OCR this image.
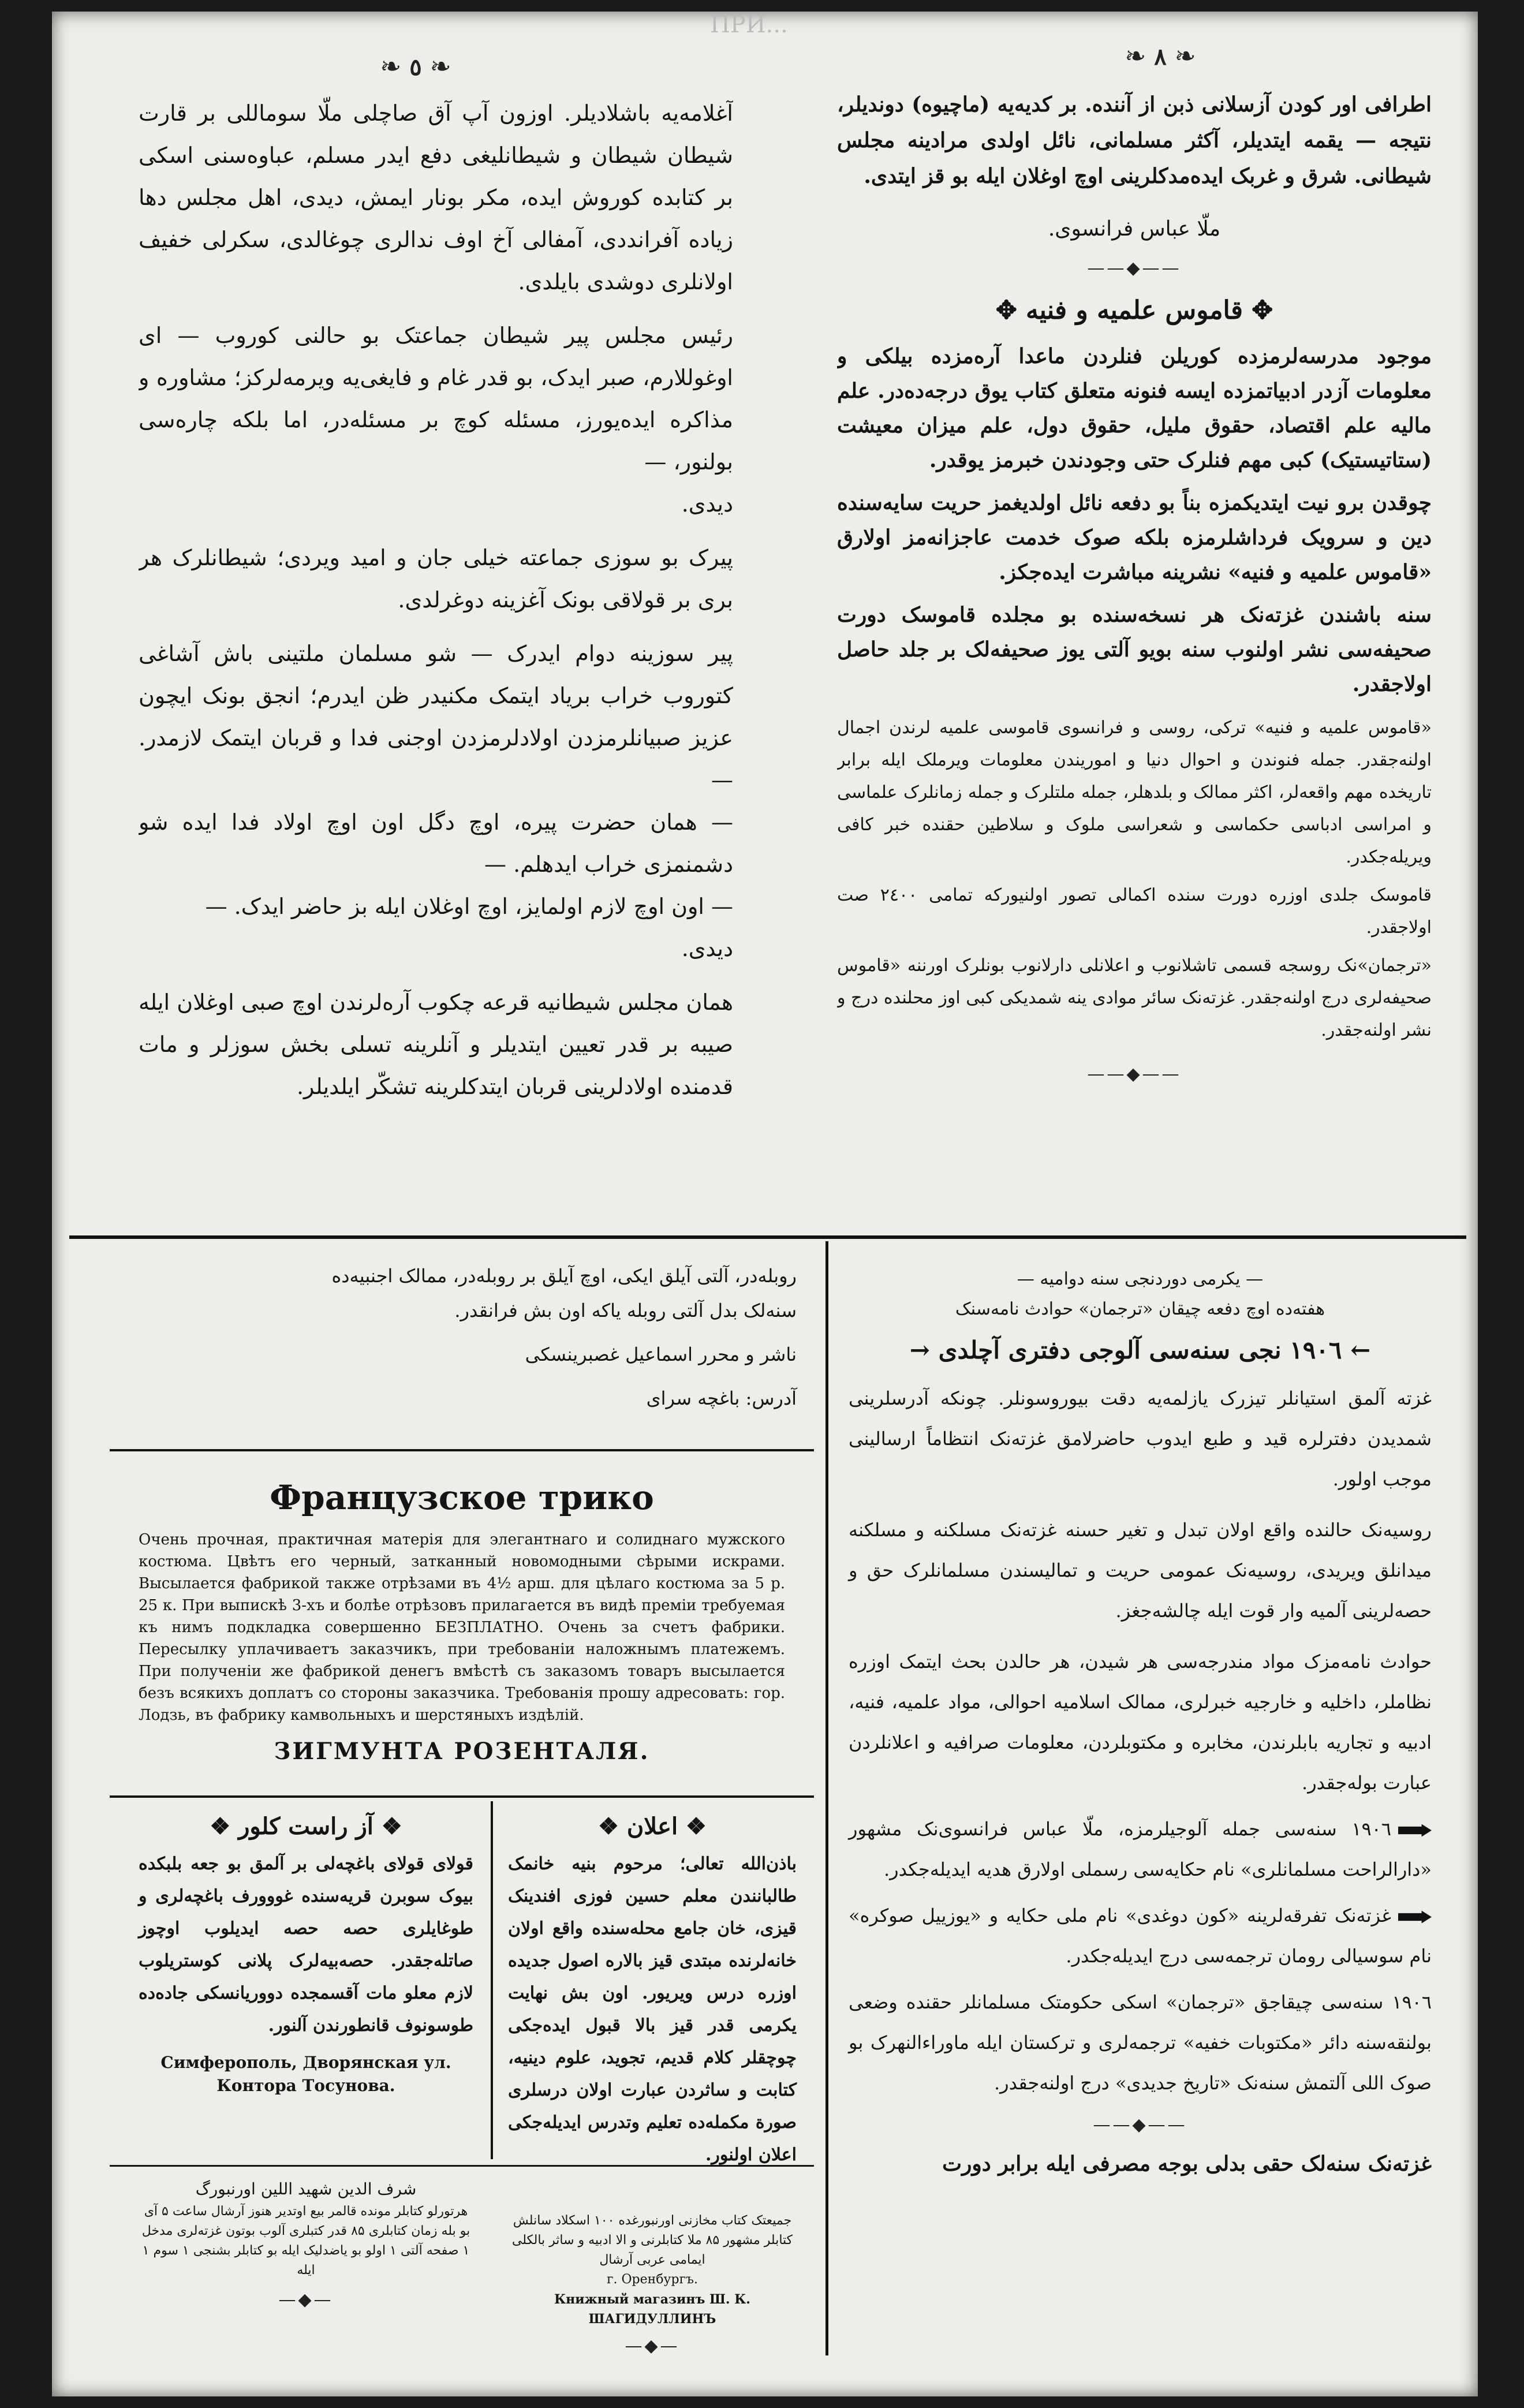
ПРИ...
❧ ٥ ❧	❧ ٨ ❧

آغلامه‌یه باشلادیلر. اوزون آپ آق صاچلی ملّا سوماللی بر قارت شیطان شیطان و شیطانلیغی دفع ایدر مسلم، عباوه‌سنی اسکی بر کتابده کوروش ایده، مکر بونار ایمش، دیدی، اهل مجلس دها زیاده آفرانددی، آمفالی آخ اوف ندالری چوغالدی، سکرلی خفیف اولانلری دوشدی بایلدی.

رئیس مجلس پیر شیطان جماعتک بو حالنی کوروب — ای اوغوللارم، صبر ایدک، بو قدر غام و فایغی‌یه ویرمه‌لرکز؛ مشاوره و مذاکره ایده‌یورز، مسئله کوچ بر مسئله‌در، اما بلکه چاره‌سی بولنور، —

دیدی.

پیرک بو سوزی جماعته خیلی جان و امید ویردی؛ شیطانلرک هر بری بر قولاقی بونک آغزینه دوغرلدی.

پیر سوزینه دوام ایدرک — شو مسلمان ملتینی باش آشاغی کتوروب خراب بریاد ایتمک مکنیدر ظن ایدرم؛ انجق بونک ایچون عزیز صبیانلرمزدن اولادلرمزدن اوجنی فدا و قربان ایتمک لازمدر. —

— همان حضرت پیره، اوچ دگل اون اوچ اولاد فدا ایده شو دشمنمزی خراب ایدهلم. —

— اون اوچ لازم اولمایز، اوچ اوغلان ایله بز حاضر ایدک. —

دیدی.

همان مجلس شیطانیه قرعه چکوب آره‌لرندن اوچ صبی اوغلان ایله صیبه بر قدر تعیین ایتدیلر و آنلرینه تسلی بخش سوزلر و مات قدمنده اولادلرینی قربان ایتدکلرینه تشکّر ایلدیلر.

اطرافی اور کودن آزسلانی ذبن از آننده. بر کدیه‌یه (ماچیوه) دوندیلر، نتیجه — یقمه ایتدیلر، آکثر مسلمانی، نائل اولدی مرادینه مجلس شیطانی. شرق و غربک ایده‌مدکلرینی اوچ اوغلان ایله بو قز ایتدی.

ملّا عباس فرانسوی.

——◆——
✥ قاموس علمیه و فنیه ✥

موجود مدرسه‌لرمزده کوریلن فنلردن ماعدا آره‌مزده بیلکی و معلومات آزدر ادبیاتمزده ایسه فنونه متعلق کتاب یوق درجه‌ده‌در. علم مالیه علم اقتصاد، حقوق ملیل، حقوق دول، علم میزان معیشت (ستاتیستیک) کبی مهم فنلرک حتی وجودندن خبرمز یوقدر.

چوقدن برو نیت ایتدیکمزه بناً بو دفعه نائل اولدیغمز حریت سایه‌سنده دین و سرویک فرداشلرمزه بلکه صوک خدمت عاجزانه‌مز اولارق «قاموس علمیه و فنیه» نشرینه مباشرت ایده‌جکز.

سنه باشندن غزته‌نک هر نسخه‌سنده بو مجلده قاموسک دورت صحیفه‌سی نشر اولنوب سنه بویو آلتی یوز صحیفه‌لک بر جلد حاصل اولاجقدر.

«قاموس علمیه و فنیه» ترکی، روسی و فرانسوی قاموسی علمیه لرندن اجمال اولنه‌جقدر. جمله فنوندن و احوال دنیا و اموریندن معلومات ویرملک ایله برابر تاریخده مهم واقعه‌لر، اکثر ممالک و بلدهلر، جمله ملتلرک و جمله زمانلرک علماسی و امراسی ادباسی حکماسی و شعراسی ملوک و سلاطین حقنده خبر کافی ویریله‌جکدر.

قاموسک جلدی اوزره دورت سنده اکمالی تصور اولنیورکه تمامی ۲٤۰۰ صت اولاجقدر.

«ترجمان»‌نک روسجه قسمی تاشلانوب و اعلانلی دارلانوب بونلرک اورننه «قاموس صحیفه‌لری درج اولنه‌جقدر. غزته‌نک سائر موادی ینه شمدیکی کبی اوز محلنده درج و نشر اولنه‌جقدر.

——◆——

روبله‌در، آلتی آیلق ایکی، اوچ آیلق بر روبله‌در، ممالک اجنبیه‌ده

سنه‌لک بدل آلتی روبله یاکه اون بش فرانقدر.

ناشر و محرر اسماعیل غصبرینسکی

آدرس: باغچه سرای

Французское трико

Очень прочная, практичная матерія для элегантнаго и солиднаго мужского костюма. Цвѣтъ его черный, затканный новомодными сѣрыми искрами. Высылается фабрикой также отрѣзами въ 4½ арш. для цѣлаго костюма за 5 р. 25 к. При выпискѣ 3-хъ и болѣе отрѣзовъ прилагается въ видѣ преміи требуемая къ нимъ подкладка совершенно БЕЗПЛАТНО. Очень за счетъ фабрики. Пересылку уплачиваетъ заказчикъ, при требованіи наложнымъ платежемъ. При полученіи же фабрикой денегъ вмѣстѣ съ заказомъ товаръ высылается безъ всякихъ доплатъ со стороны заказчика. Требованія прошу адресовать: гор. Лодзь, въ фабрику камвольныхъ и шерстяныхъ издѣлій.

ЗИГМУНТА РОЗЕНТАЛЯ.
❖ آز راست کلور ❖

قولای قولای باغچه‌لی بر آلمق بو جعه بلبکده بیوک سوبرن قریه‌سنده غووورف باغچه‌لری و طوغایلری حصه حصه ایدیلوب اوچوز صاتله‌جقدر. حصه‌بیه‌لرک پلانی کوستریلوب لازم معلو مات آقسمجده دووریانسکی جاده‌ده طوسونوف قانطورندن آلنور.

Симферополь, Дворянская ул. Контора Тосунова.

❖ اعلان ❖

باذن‌الله تعالی؛ مرحوم بنیه خانمک طالبانندن معلم حسین فوزی افندینک قیزی، خان جامع محله‌سنده واقع اولان خانه‌لرنده مبتدی قیز بالاره اصول جدیده اوزره درس ویریور. اون بش نهایت یکرمی قدر قیز بالا قبول ایده‌جکی چوچقلر کلام قدیم، تجوید، علوم دینیه، کتابت و ساثردن عبارت اولان درسلری صورة مکمله‌ده تعلیم وتدرس ایدیله‌جکی اعلان اولنور.

شرف الدین شهید اللین اورنبورگ

هرتورلو کتابلر مونده قالمر بیع اوتدیر هنوز آرشال ساعت ۵ آی بو بله زمان کتابلری ۸۵ قدر کتبلری آلوب بوتون غزته‌لری مدخل ۱ صفحه آلتی ۱ اولو بو یاضدلیک ایله بو کتابلر بشنجی ۱ سوم ۱ ایله

—◆—

جمیعتک کتاب مخازنی اورنبورغده ۱۰۰ اسکلاد سانلش کتابلر مشهور ۸۵ ملا کتابلرنی و الا ادبیه و ساثر بالکلی ایمامی عربی آرشال

г. Оренбургъ.

Книжный магазинъ Ш. К. ШАГИДУЛЛИНЪ

—◆—

— یکرمی دوردنجی سنه دوامیه —

هفته‌ده اوچ دفعه چیقان «ترجمان» حوادث نامه‌سنک

← ۱۹۰٦ نجی سنه‌سی آلوجی دفتری آچلدی →

غزته آلمق استیانلر تیزرک یازلمه‌یه دقت بیوروسونلر. چونکه آدرسلرینی شمدیدن دفترلره قید و طبع ایدوب حاضرلامق غزته‌نک انتظاماً ارسالینی موجب اولور.

روسیه‌نک حالنده واقع اولان تبدل و تغیر حسنه غزته‌نک مسلکنه و مسلکنه میدانلق ویریدی، روسیه‌نک عمومی حریت و تمالیسندن مسلمانلرک حق و حصه‌لرینی آلمیه وار قوت ایله چالشه‌جغز.

حوادث نامه‌مزک مواد مندرجه‌سی هر شیدن، هر حالدن بحث ایتمک اوزره نظاملر، داخلیه و خارجیه خبرلری، ممالک اسلامیه احوالی، مواد علمیه، فنیه، ادبیه و تجاریه بابلرندن، مخابره و مکتوبلردن، معلومات صرافیه و اعلانلردن عبارت بوله‌جقدر.

۱۹۰٦ سنه‌سی جمله آلوجیلرمزه، ملّا عباس فرانسوی‌نک مشهور «دارالراحت مسلمانلری» نام حکایه‌سی رسملی اولارق هدیه ایدیله‌جکدر.

غزته‌نک تفرقه‌لرینه «کون دوغدی» نام ملی حکایه و «یوزییل صوکره» نام سوسیالی رومان ترجمه‌سی درج ایدیله‌جکدر.

۱۹۰٦ سنه‌سی چیقاجق «ترجمان» اسکی حکومتک مسلمانلر حقنده وضعی بولنقه‌سنه دائر «مکتوبات خفیه» ترجمه‌لری و ترکستان ایله ماوراءالنهرک بو صوک اللی آلتمش سنه‌نک «تاریخ جدیدی» درج اولنه‌جقدر.

——◆——

غزته‌نک سنه‌لک حقی بدلی بوجه مصرفی ایله برابر دورت
